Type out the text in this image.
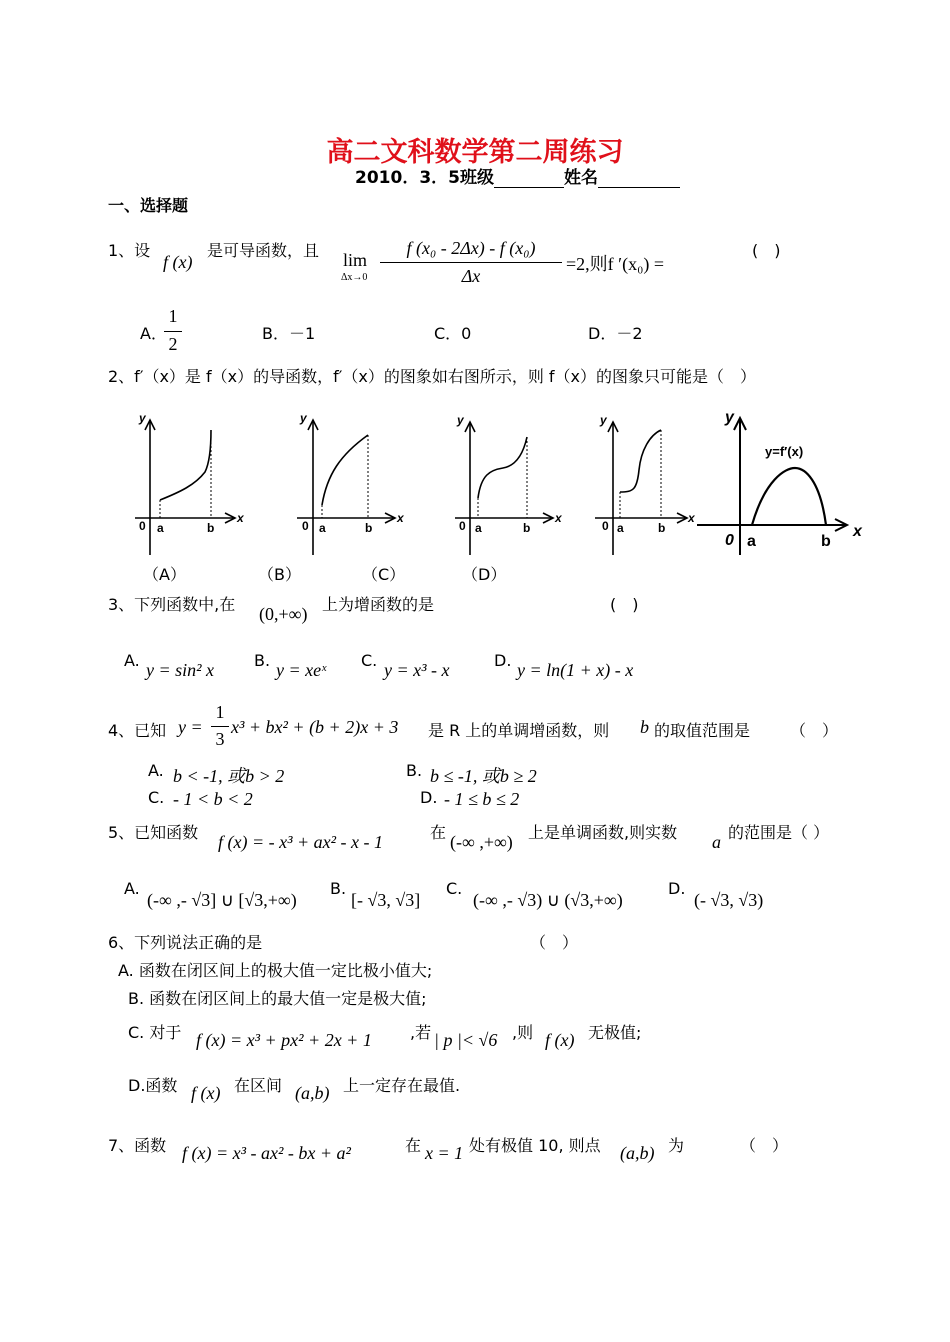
高二文科数学第二周练习
2010．3．5班级	姓名
一、选择题
1、设
f (x)
是可导函数，且 lim
Δx→0
f (x₀ - 2Δx) - f (x₀)
Δx
=2,则f ′(x₀) =
(　)
A．
1
2
B．－1	C．0	D．－2
2、f′（x）是 f（x）的导函数，f′（x）的图象如右图所示，则 f（x）的图象只可能是（　）
y
x
y
x
y
x
y
x
0 a	b	0 a	b	0 a	b	0 a	b
y
x
0 a	b
y=f′(x)
（A）	（B）	（C）	（D）
3、下列函数中,在 (0,+∞) 上为增函数的是	(　)
A. y = sin² x B. y = xeˣ C. y = x³ - x	D. y = ln(1 + x) - x
4、已知 y =
1
3
x³ + bx² + (b + 2)x + 3 是 R 上的单调增函数，则 b 的取值范围是 （　）
A. b < -1, 或b > 2	B. b ≤ -1, 或b ≥ 2
C. - 1 < b < 2	D. - 1 ≤ b ≤ 2
5、已知函数 f (x) = - x³ + ax² - x - 1	在 (-∞ ,+∞) 上是单调函数,则实数 a 的范围是（ ）
A.
(-∞ ,- √3] ∪ [√3,+∞)
B.
[- √3, √3]
C.
(-∞ ,- √3) ∪ (√3,+∞)
D.
(- √3, √3)
6、下列说法正确的是	（　）
A. 函数在闭区间上的极大值一定比极小值大;
B. 函数在闭区间上的最大值一定是极大值;
C. 对于 f (x) = x³ + px² + 2x + 1 ,若 | p |< √6 ,则 f (x) 无极值;
D.函数 f (x) 在区间 (a,b) 上一定存在最值.
7、函数 f (x) = x³ - ax² - bx + a²	在 x = 1 处有极值 10, 则点 (a,b) 为	（　）
